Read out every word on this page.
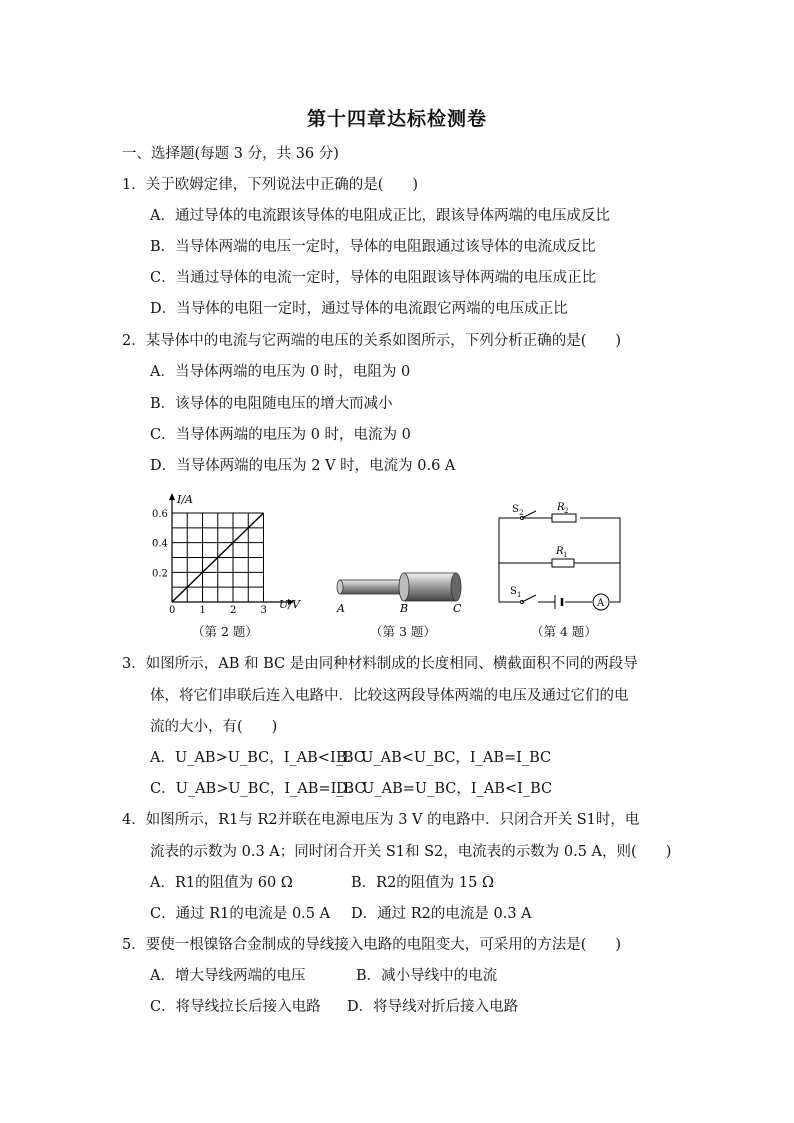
第十四章达标检测卷
一、选择题(每题 3 分，共 36 分)
1．关于欧姆定律，下列说法中正确的是(　　)
A．通过导体的电流跟该导体的电阻成正比，跟该导体两端的电压成反比
B．当导体两端的电压一定时，导体的电阻跟通过该导体的电流成反比
C．当通过导体的电流一定时，导体的电阻跟该导体两端的电压成正比
D．当导体的电阻一定时，通过导体的电流跟它两端的电压成正比
2．某导体中的电流与它两端的电压的关系如图所示，下列分析正确的是(　　)
A．当导体两端的电压为 0 时，电阻为 0
B．该导体的电阻随电压的增大而减小
C．当导体两端的电压为 0 时，电流为 0
D．当导体两端的电压为 2 V 时，电流为 0.6 A
I/A
U/V
0.6
0.4
0.2
0 1 2 3
（第 2 题）
A	B	C
（第 3 题）
A
S 2	R 2
R 1
S 1
（第 4 题）
3．如图所示，AB 和 BC 是由同种材料制成的长度相同、横截面积不同的两段导
体，将它们串联后连入电路中．比较这两段导体两端的电压及通过它们的电
流的大小，有(　　)
A．U_AB>U_BC，I_AB<I_BC
B．U_AB<U_BC，I_AB=I_BC
C．U_AB>U_BC，I_AB=I_BC
D．U_AB=U_BC，I_AB<I_BC
4．如图所示，R1与 R2并联在电源电压为 3 V 的电路中．只闭合开关 S1时，电
流表的示数为 0.3 A；同时闭合开关 S1和 S2，电流表的示数为 0.5 A，则(　　)
A．R1的阻值为 60 Ω	B．R2的阻值为 15 Ω
C．通过 R1的电流是 0.5 A D．通过 R2的电流是 0.3 A
5．要使一根镍铬合金制成的导线接入电路的电阻变大，可采用的方法是(　　)
A．增大导线两端的电压	B．减小导线中的电流
C．将导线拉长后接入电路 D．将导线对折后接入电路
